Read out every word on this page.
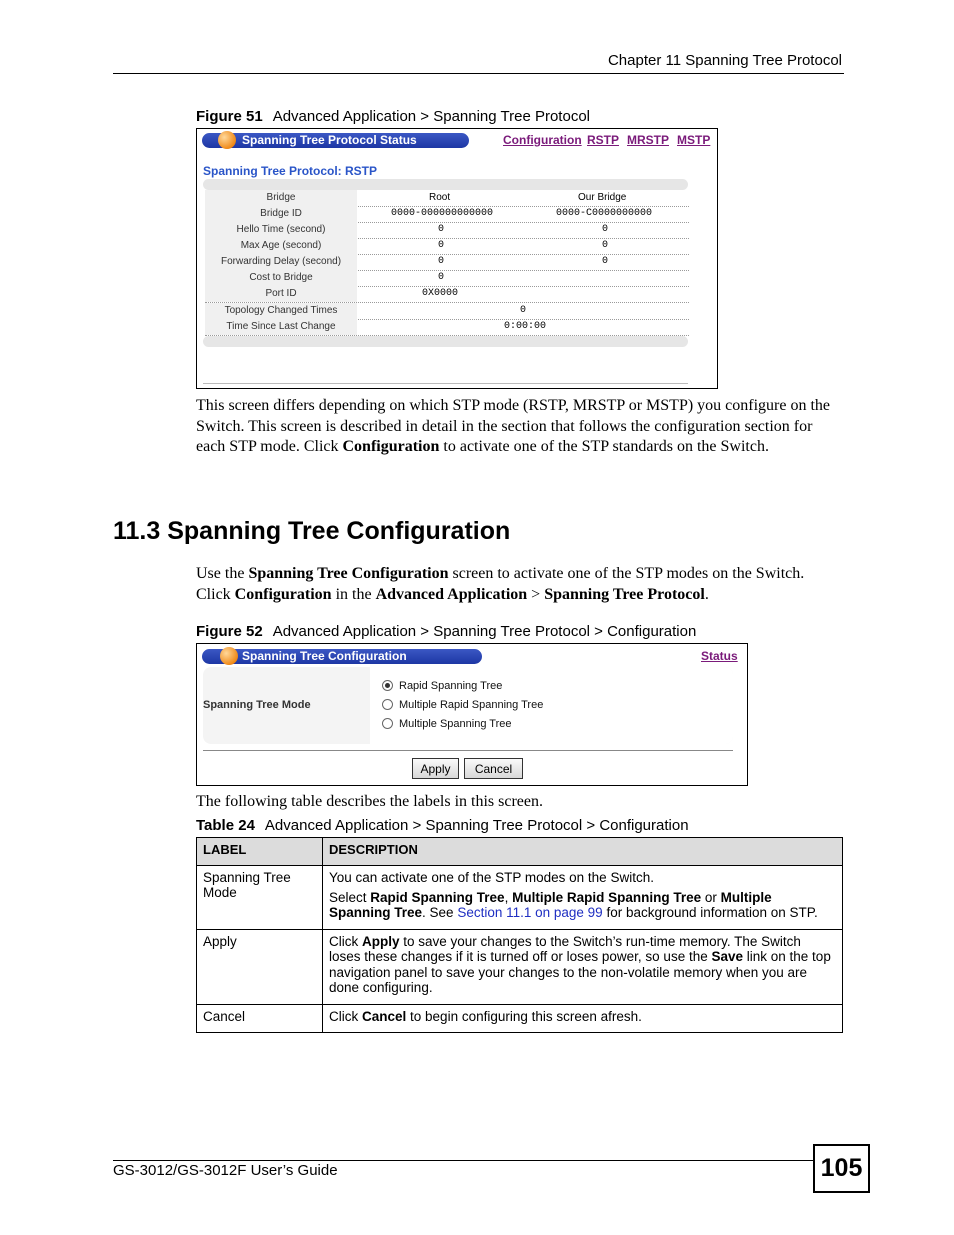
Chapter 11 Spanning Tree Protocol
Figure 51 Advanced Application > Spanning Tree Protocol
Spanning Tree Protocol Status	Configuration RSTP MRSTP MSTP
Spanning Tree Protocol: RSTP
Bridge	Root	Our Bridge
Bridge ID	0000-000000000000	0000-C0000000000
Hello Time (second)	0	0
Max Age (second)	0	0
Forwarding Delay (second)	0	0
Cost to Bridge	0
Port ID	0X0000
Topology Changed Times	0
Time Since Last Change	0:00:00
This screen differs depending on which STP mode (RSTP, MRSTP or MSTP) you configure on the Switch. This screen is described in detail in the section that follows the configuration section for each STP mode. Click Configuration to activate one of the STP standards on the Switch.
11.3 Spanning Tree Configuration
Use the Spanning Tree Configuration screen to activate one of the STP modes on the Switch. Click Configuration in the Advanced Application > Spanning Tree Protocol.
Figure 52 Advanced Application > Spanning Tree Protocol > Configuration
Spanning Tree Configuration	Status
Spanning Tree Mode
Rapid Spanning Tree
Multiple Rapid Spanning Tree
Multiple Spanning Tree
Apply	Cancel
The following table describes the labels in this screen.
Table 24 Advanced Application > Spanning Tree Protocol > Configuration
LABEL	DESCRIPTION
Spanning Tree Mode	You can activate one of the STP modes on the Switch.

Select Rapid Spanning Tree, Multiple Rapid Spanning Tree or Multiple Spanning Tree. See Section 11.1 on page 99 for background information on STP.

Apply	Click Apply to save your changes to the Switch’s run-time memory. The Switch loses these changes if it is turned off or loses power, so use the Save link on the top navigation panel to save your changes to the non-volatile memory when you are done configuring.

Cancel	Click Cancel to begin configuring this screen afresh.

GS-3012/GS-3012F User’s Guide	105
